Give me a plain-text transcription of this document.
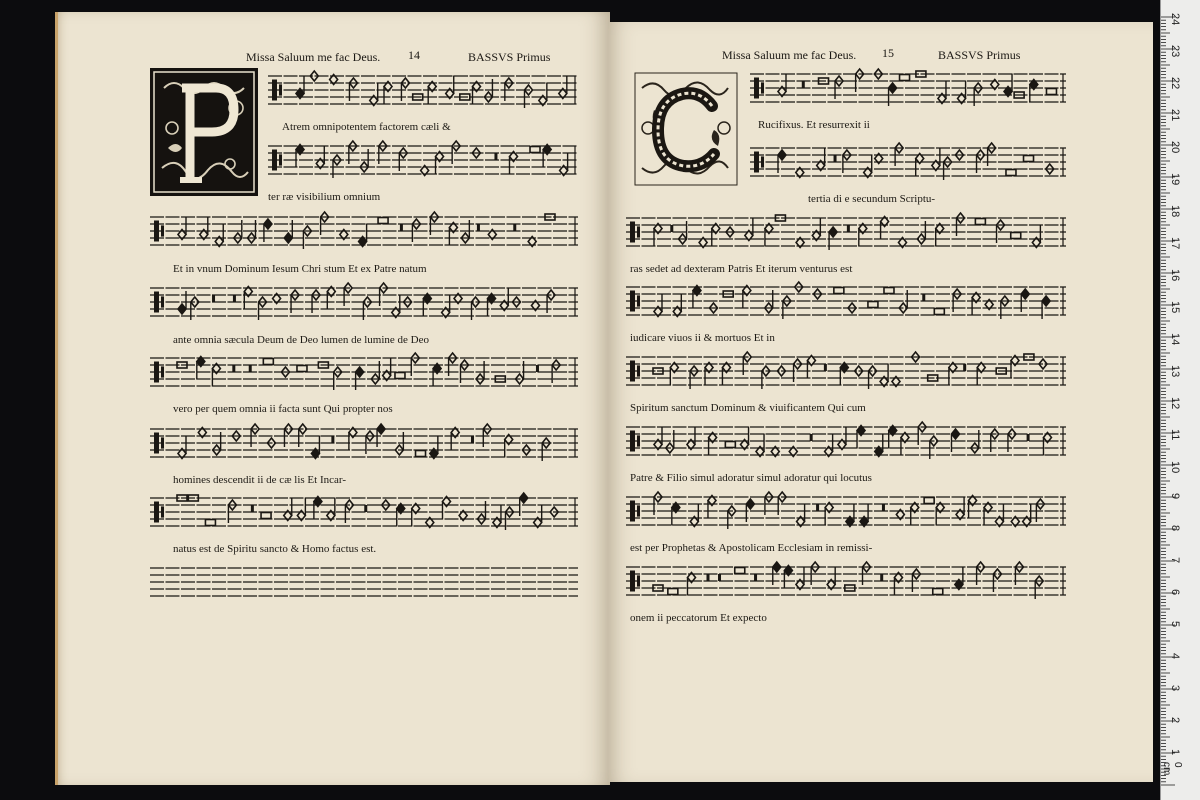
Missa Saluum me fac Deus. 14	BASSVS Primus
Atrem omnipotentem factorem cæli &
ter ræ visibilium omnium
Et in vnum Dominum Iesum Chri stum Et ex Patre natum
ante omnia sæcula Deum de Deo lumen de lumine de Deo
vero per quem omnia ii facta sunt Qui propter nos
homines descendit ii de cæ lis Et Incar-
natus est de Spiritu sancto & Homo factus est.
Missa Saluum me fac Deus. 15	BASSVS Primus
Rucifixus. Et resurrexit ii
tertia di e secundum Scriptu-
ras sedet ad dexteram Patris Et iterum venturus est
iudicare viuos ii & mortuos Et in
Spiritum sanctum Dominum & viuificantem Qui cum
Patre & Filio simul adoratur simul adoratur qui locutus
est per Prophetas & Apostolicam Ecclesiam in remissi-
onem ii peccatorum Et expecto
0 cm
1
2
3
4
5
6
7
8
9
10
11
12
13
14
15
16
17
18
19
20
21
22
23
24
